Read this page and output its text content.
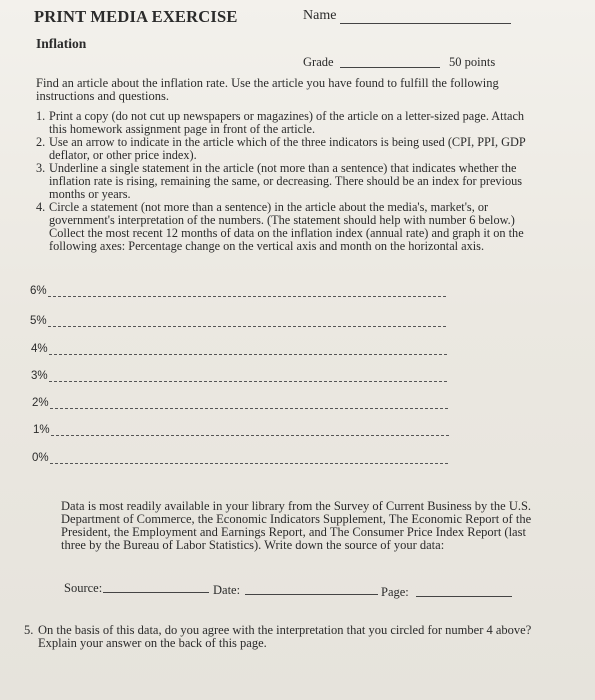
PRINT MEDIA EXERCISE	Name
Inflation
Grade	50 points
Find an article about the inflation rate. Use the article you have found to fulfill the following instructions and questions.
1. Print a copy (do not cut up newspapers or magazines) of the article on a letter-sized page. Attach this homework assignment page in front of the article.
2. Use an arrow to indicate in the article which of the three indicators is being used (CPI, PPI, GDP deflator, or other price index).
3. Underline a single statement in the article (not more than a sentence) that indicates whether the inflation rate is rising, remaining the same, or decreasing. There should be an index for previous months or years.
4. Circle a statement (not more than a sentence) in the article about the media's, market's, or government's interpretation of the numbers. (The statement should help with number 6 below.) Collect the most recent 12 months of data on the inflation index (annual rate) and graph it on the following axes: Percentage change on the vertical axis and month on the horizontal axis.
6%
5%
4%
3%
2%
1%
0%
Data is most readily available in your library from the Survey of Current Business by the U.S. Department of Commerce, the Economic Indicators Supplement, The Economic Report of the President, the Employment and Earnings Report, and The Consumer Price Index Report (last three by the Bureau of Labor Statistics). Write down the source of your data:
Source:	Date:	Page:
5. On the basis of this data, do you agree with the interpretation that you circled for number 4 above? Explain your answer on the back of this page.
